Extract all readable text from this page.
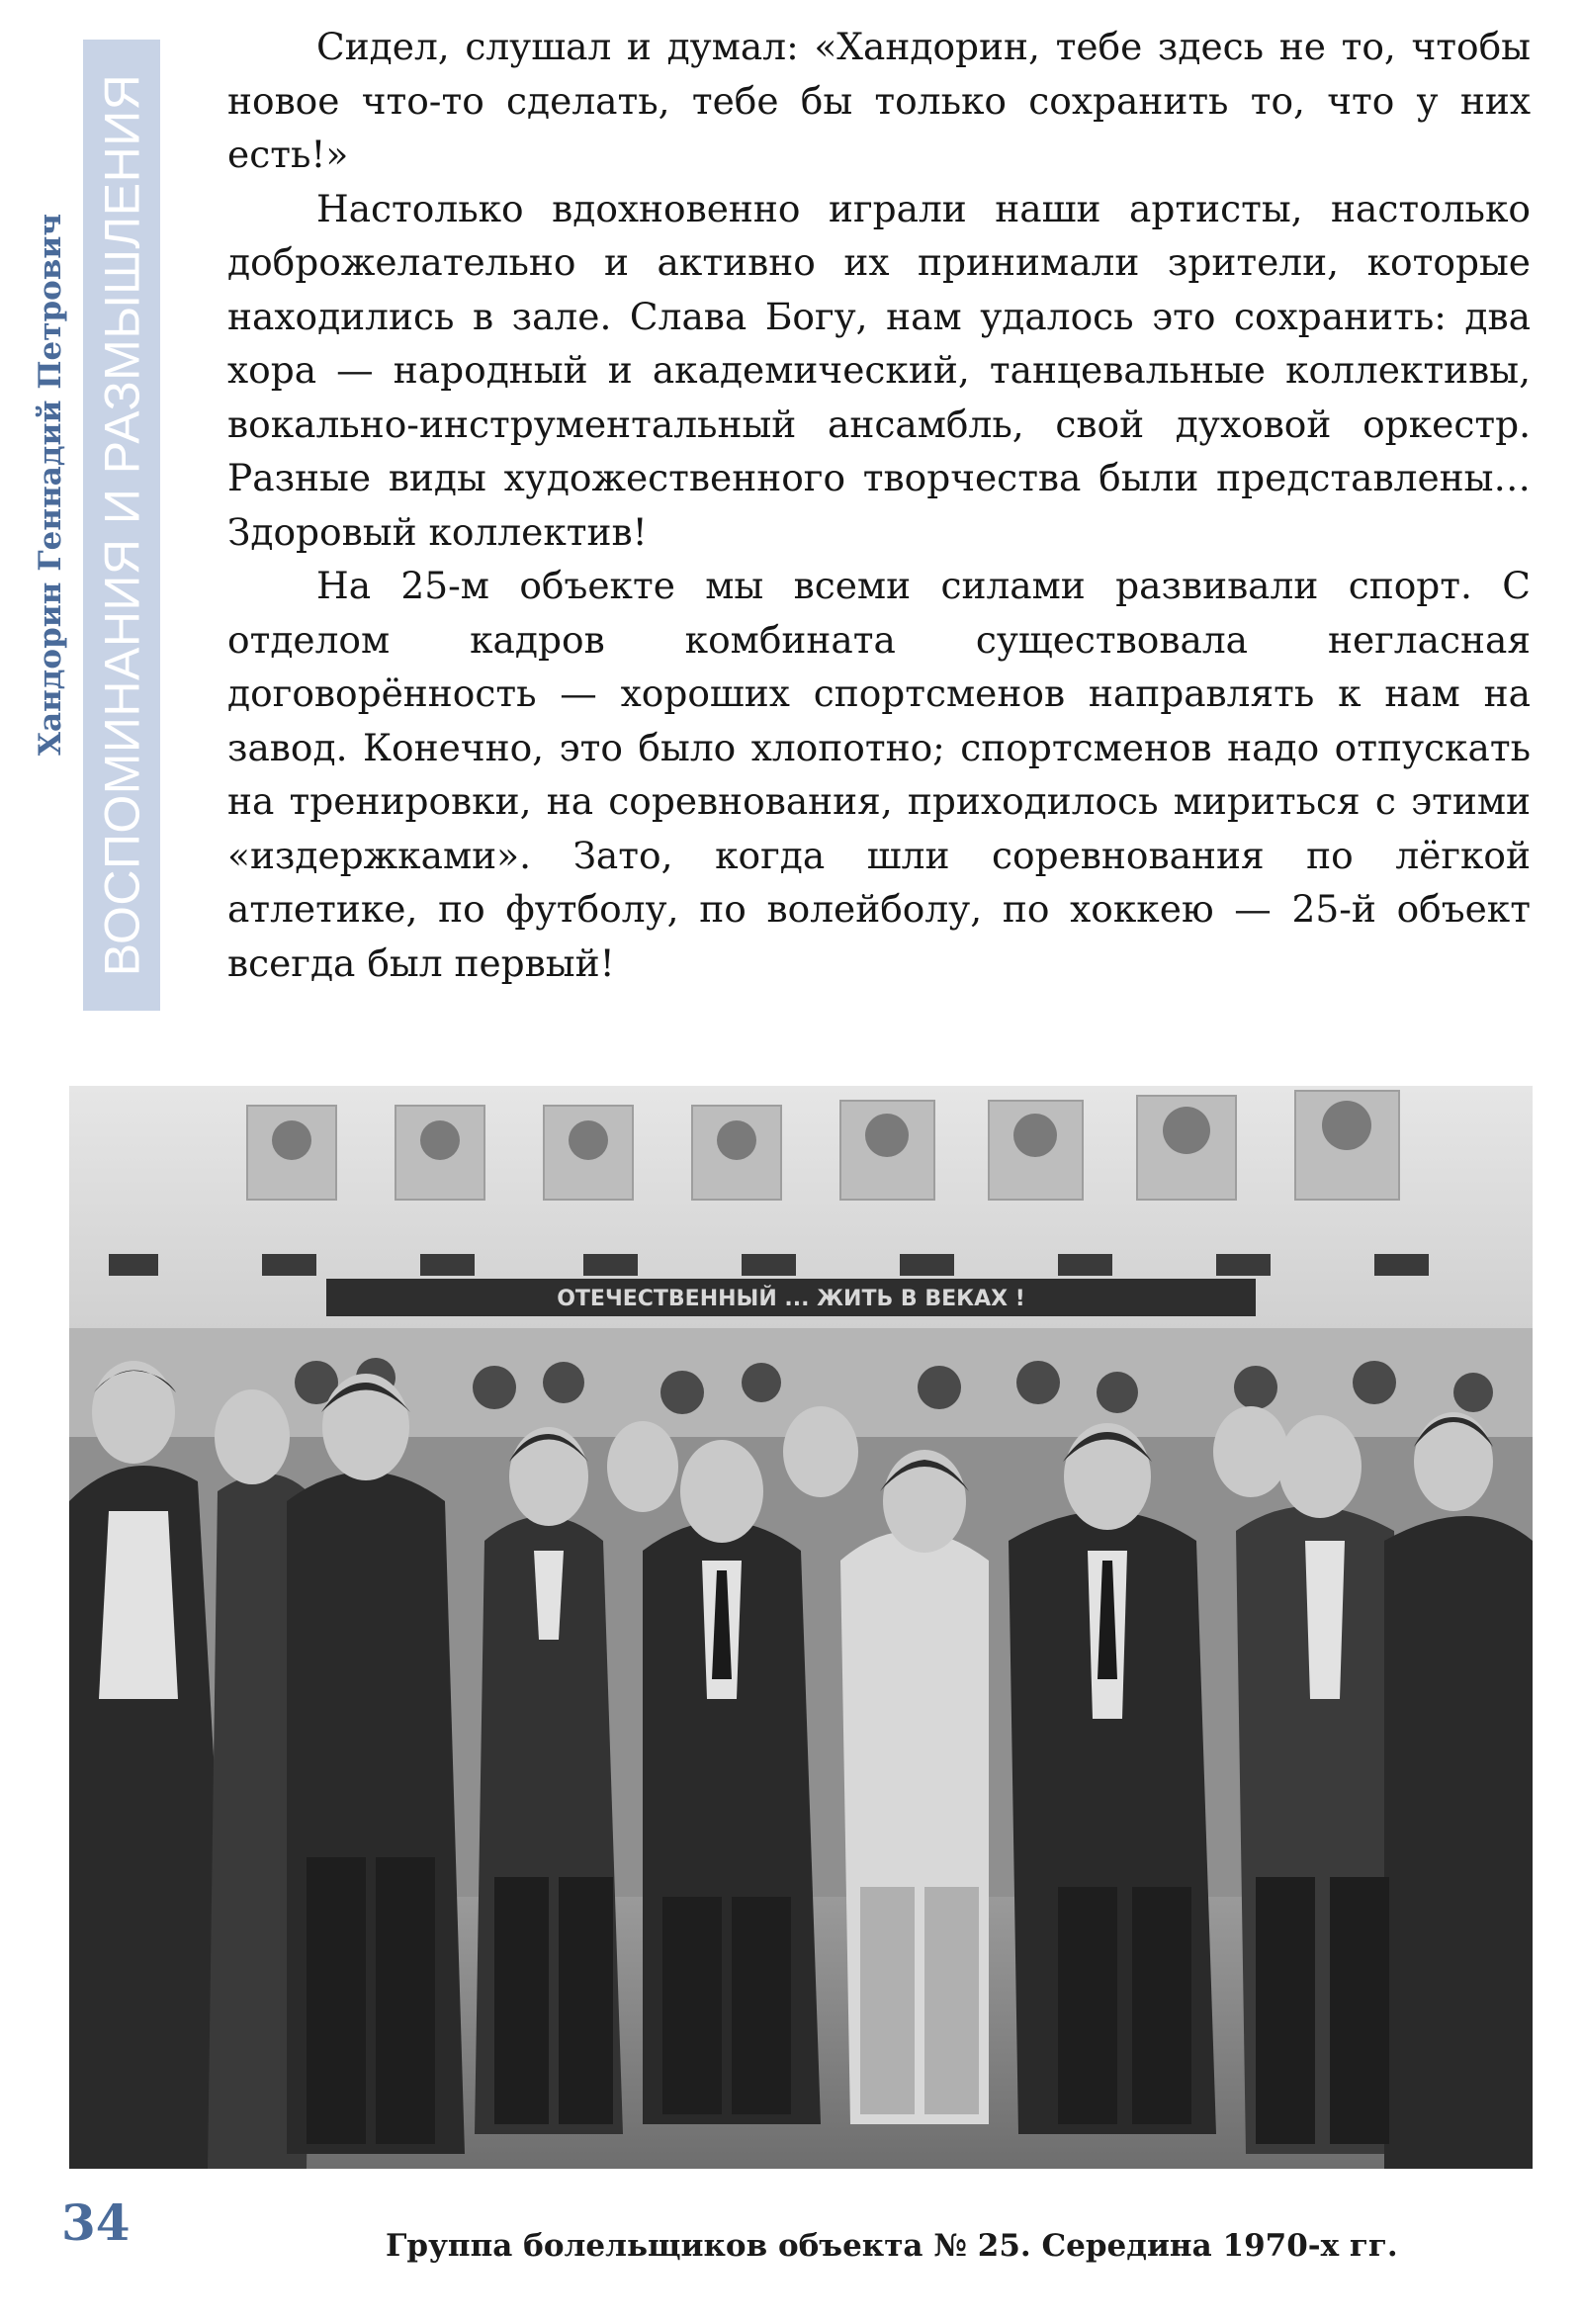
Хандорин Геннадий Петрович ВОСПОМИНАНИЯ И РАЗМЫШЛЕНИЯ

Сидел, слушал и думал: «Хандорин, тебе здесь не то, чтобы новое что-то сделать, тебе бы только сохранить то, что у них есть!»

Настолько вдохновенно играли наши артисты, настолько доброжелательно и активно их принимали зрители, которые находились в зале. Слава Богу, нам удалось это сохранить: два хора — народный и академический, танцевальные коллективы, вокально-инструментальный ансамбль, свой духовой оркестр. Разные виды художественного творчества были представлены… Здоровый коллектив!

На 25-м объекте мы всеми силами развивали спорт. С отделом кадров комбината существовала негласная договорённость — хороших спортсменов направлять к нам на завод. Конечно, это было хлопотно; спортсменов надо отпускать на тренировки, на соревнования, приходилось мириться с этими «издержками». Зато, когда шли соревнования по лёгкой атлетике, по футболу, по волейболу, по хоккею — 25-й объект всегда был первый!

ОТЕЧЕСТВЕННЫЙ ... ЖИТЬ В ВЕКАХ !
34	Группа болельщиков объекта № 25. Середина 1970-х гг.
